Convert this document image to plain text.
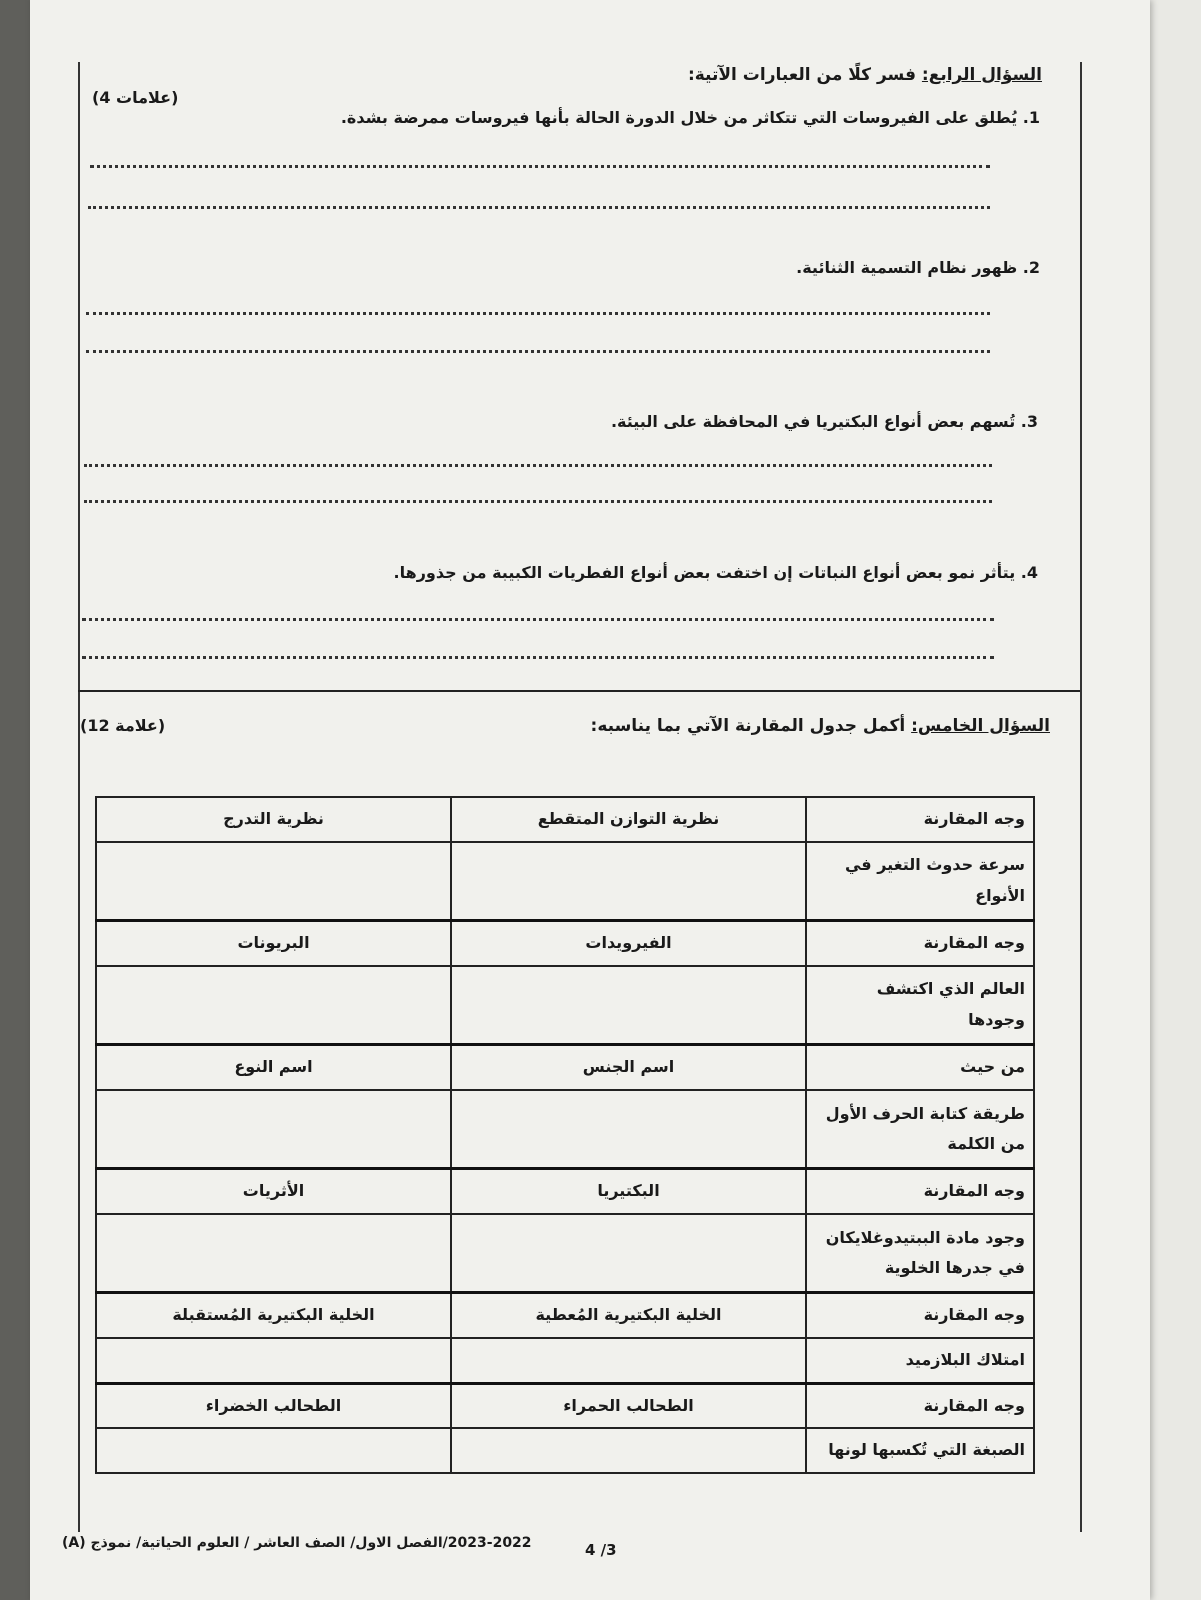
السؤال الرابع: فسر كلًا من العبارات الآتية:
(4 علامات)
1. يُطلق على الفيروسات التي تتكاثر من خلال الدورة الحالة بأنها فيروسات ممرضة بشدة.
2. ظهور نظام التسمية الثنائية.
3. تُسهم بعض أنواع البكتيريا في المحافظة على البيئة.
4. يتأثر نمو بعض أنواع النباتات إن اختفت بعض أنواع الفطريات الكبيبة من جذورها.
السؤال الخامس: أكمل جدول المقارنة الآتي بما يناسبه:
(12 علامة)
وجه المقارنة	نظرية التوازن المتقطع	نظرية التدرج
سرعة حدوث التغير في الأنواع		
وجه المقارنة	الفيرويدات	البريونات
العالم الذي اكتشف وجودها		
من حيث	اسم الجنس	اسم النوع
طريقة كتابة الحرف الأول من الكلمة		
وجه المقارنة	البكتيريا	الأثريات
وجود مادة الببتيدوغلايكان في جدرها الخلوية		
وجه المقارنة	الخلية البكتيرية المُعطية	الخلية البكتيرية المُستقبلة
امتلاك البلازميد		
وجه المقارنة	الطحالب الحمراء	الطحالب الخضراء
الصبغة التي تُكسبها لونها		
2023-2022/الفصل الاول/ الصف العاشر / العلوم الحياتية/ نموذج (A)	4 /3
